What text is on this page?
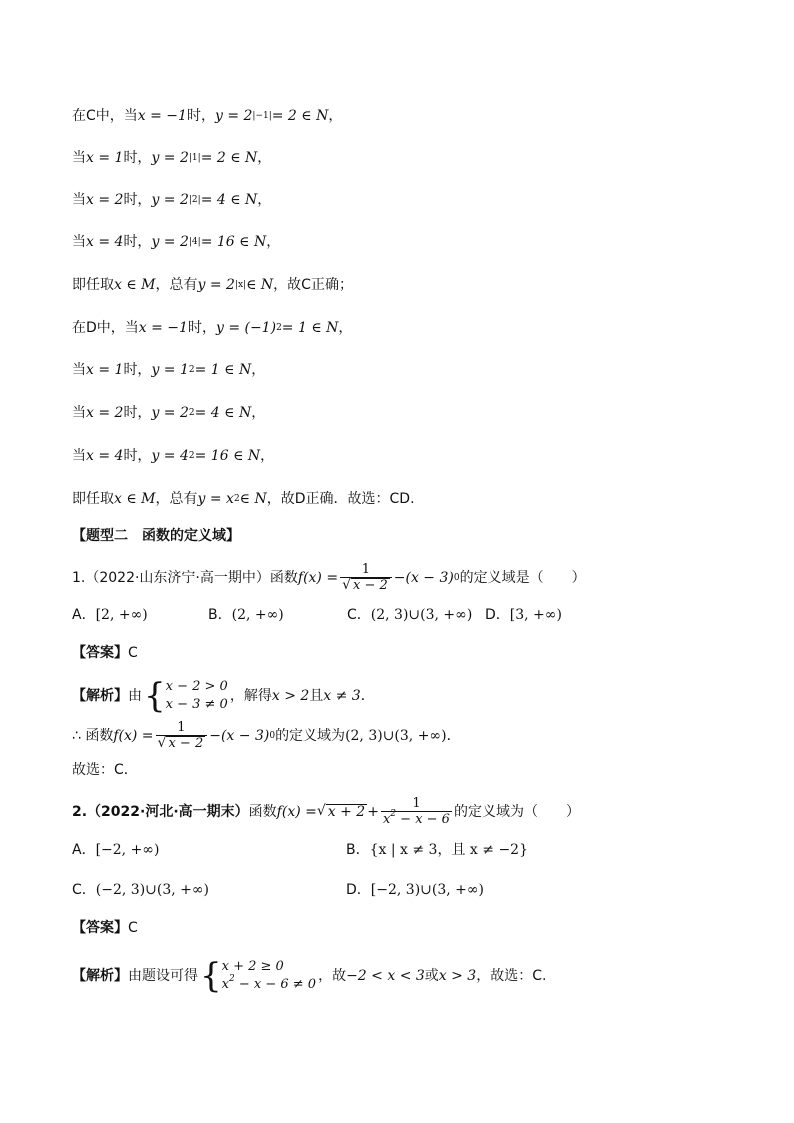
在C中，当 x = −1 时， y = 2 |−1| = 2 ∈ N ，
当 x = 1 时， y = 2 |1| = 2 ∈ N ，
当 x = 2 时， y = 2 |2| = 4 ∈ N ，
当 x = 4 时， y = 2 |4| = 16 ∈ N ，
即任取 x ∈ M ，总有 y = 2 |x| ∈ N ，故C正确；
在D中，当 x = −1 时， y = (−1) 2 = 1 ∈ N ，
当 x = 1 时， y = 1 2 = 1 ∈ N ，
当 x = 2 时， y = 2 2 = 4 ∈ N ，
当 x = 4 时， y = 4 2 = 16 ∈ N ，
即任取 x ∈ M ，总有 y = x 2 ∈ N ，故D正确．故选：CD.
【题型二　函数的定义域】
1.（2022·山东济宁·高一期中）函数 $f(x) = \frac{1}{√ x - 2} -(x - 3)$ 0 的定义域是（　　）
A．[2, +∞)	B．(2, +∞)	C．(2, 3)∪(3, +∞) D．[3, +∞)
【答案】 C
【解析】 由 { x − 2 > 0
x − 3 ≠ 0
，解得 x > 2 且 x ≠ 3 ．
∴ 函数 $f(x) = \frac{1}{√ x - 2} -(x - 3)$ 0 的定义域为 (2, 3)∪(3, +∞) ．
故选：C．
2.（2022·河北·高一期末） 函数 f(x) = √ $x + 2 + \frac{1}{x^2 - x - 6}$ 的定义域为（　　）
A．[−2, +∞)	B．{x | x ≠ 3，且 x ≠ −2}
C．(−2, 3)∪(3, +∞)	D．[−2, 3)∪(3, +∞)
【答案】 C
【解析】 由题设可得 { x + 2 ≥ 0
$x^2 - x - 6 \ne 0$
，故 −2 < x < 3 或 x > 3 ，故选：C.
